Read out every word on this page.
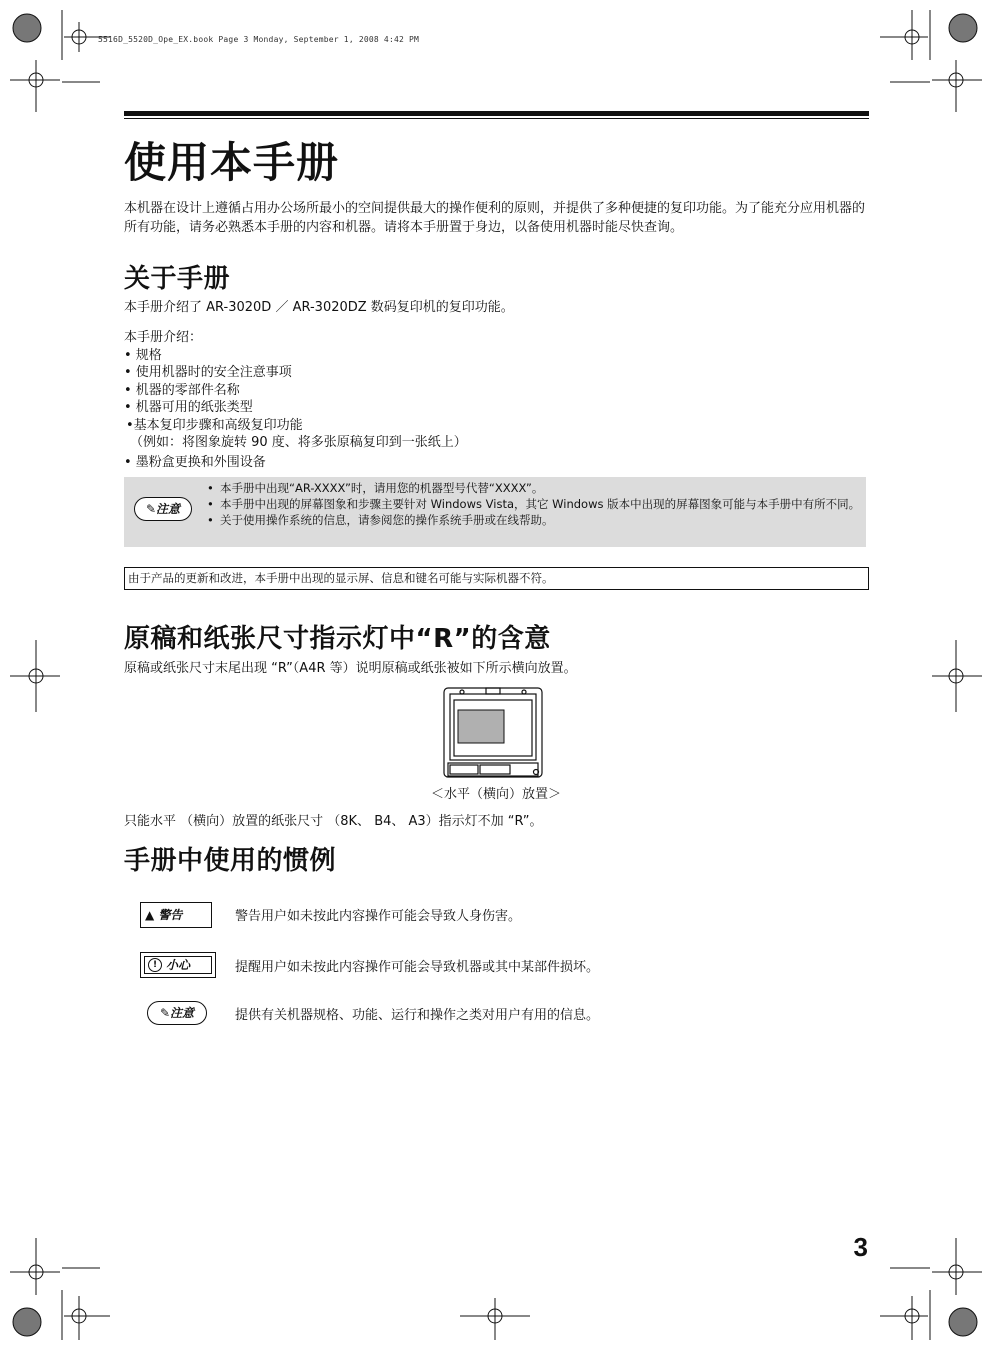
5516D_5520D_Ope_EX.book Page 3 Monday, September 1, 2008 4:42 PM
使用本手册
本机器在设计上遵循占用办公场所最小的空间提供最大的操作便利的原则，并提供了多种便捷的复印功能。为了能充分应用机器的所有功能，请务必熟悉本手册的内容和机器。请将本手册置于身边，以备使用机器时能尽快查询。
关于手册
本手册介绍了 AR-3020D ／ AR-3020DZ 数码复印机的复印功能。
本手册介绍：
• 规格
• 使用机器时的安全注意事项
• 机器的零部件名称
• 机器可用的纸张类型
•基本复印步骤和高级复印功能
（例如：将图象旋转 90 度、将多张原稿复印到一张纸上）
• 墨粉盒更换和外围设备
✎注意
• 本手册中出现“AR-XXXX”时，请用您的机器型号代替“XXXX”。
• 本手册中出现的屏幕图象和步骤主要针对 Windows Vista，其它 Windows 版本中出现的屏幕图象可能与本手册中有所不同。
• 关于使用操作系统的信息，请参阅您的操作系统手册或在线帮助。
由于产品的更新和改进，本手册中出现的显示屏、信息和键名可能与实际机器不符。
原稿和纸张尺寸指示灯中“R”的含意
原稿或纸张尺寸末尾出现 “R”（A4R 等）说明原稿或纸张被如下所示横向放置。
＜水平（横向）放置＞
只能水平 （横向）放置的纸张尺寸 （8K、 B4、 A3）指示灯不加 “R”。
手册中使用的惯例
▲ 警告	警告用户如未按此内容操作可能会导致人身伤害。
! 小心	提醒用户如未按此内容操作可能会导致机器或其中某部件损坏。
✎注意	提供有关机器规格、功能、运行和操作之类对用户有用的信息。
3
